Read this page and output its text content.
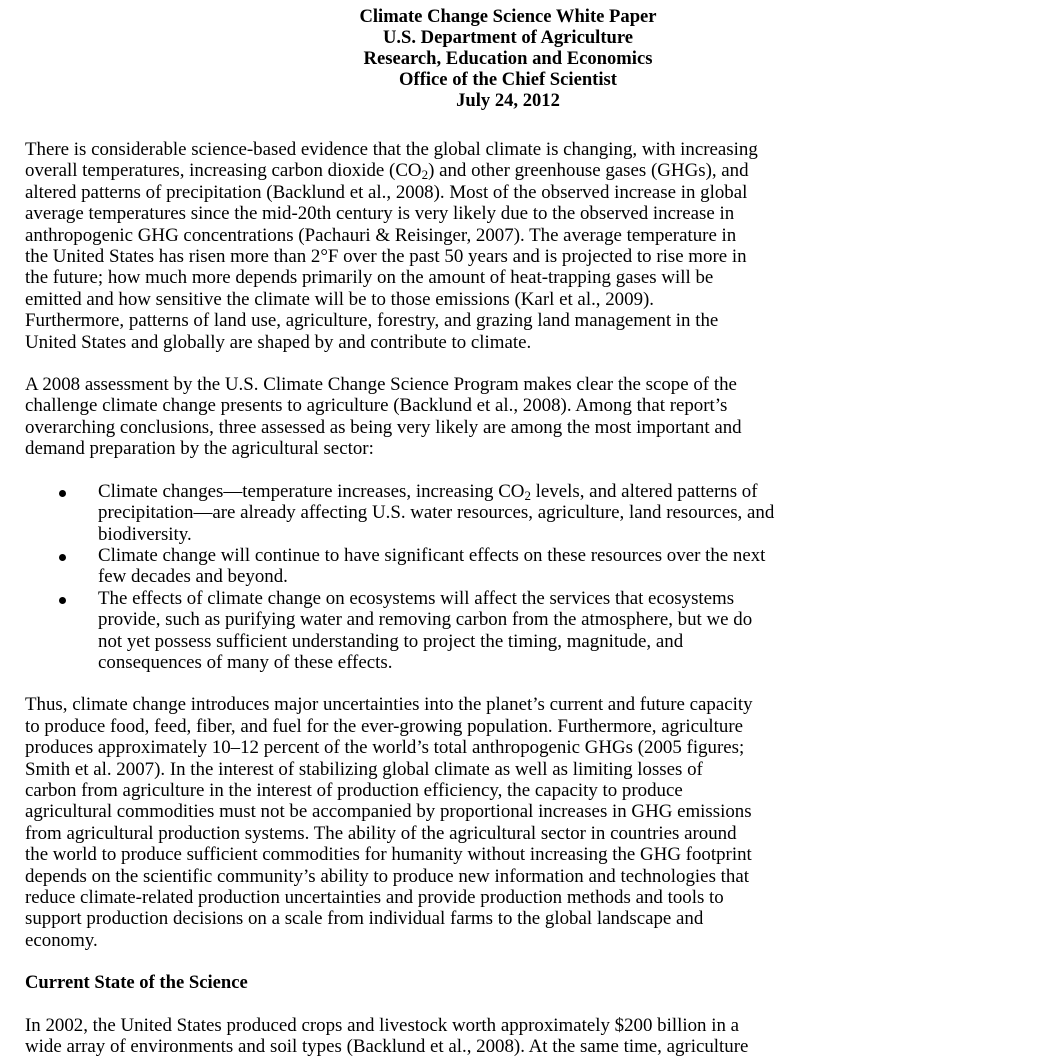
Climate Change Science White Paper
U.S. Department of Agriculture
Research, Education and Economics
Office of the Chief Scientist
July 24, 2012

There is considerable science-based evidence that the global climate is changing, with increasing
overall temperatures, increasing carbon dioxide $(CO_2)$ and other greenhouse gases (GHGs), and
altered patterns of precipitation (Backlund et al., 2008). Most of the observed increase in global
average temperatures since the mid-20th century is very likely due to the observed increase in
anthropogenic GHG concentrations (Pachauri & Reisinger, 2007). The average temperature in
the United States has risen more than 2°F over the past 50 years and is projected to rise more in
the future; how much more depends primarily on the amount of heat-trapping gases will be
emitted and how sensitive the climate will be to those emissions (Karl et al., 2009).
Furthermore, patterns of land use, agriculture, forestry, and grazing land management in the
United States and globally are shaped by and contribute to climate.

A 2008 assessment by the U.S. Climate Change Science Program makes clear the scope of the
challenge climate change presents to agriculture (Backlund et al., 2008). Among that report’s
overarching conclusions, three assessed as being very likely are among the most important and
demand preparation by the agricultural sector:

Climate changes—temperature increases, increasing $CO_2$ levels, and altered patterns of
precipitation—are already affecting U.S. water resources, agriculture, land resources, and
biodiversity.
Climate change will continue to have significant effects on these resources over the next
few decades and beyond.
The effects of climate change on ecosystems will affect the services that ecosystems
provide, such as purifying water and removing carbon from the atmosphere, but we do
not yet possess sufficient understanding to project the timing, magnitude, and
consequences of many of these effects.

Thus, climate change introduces major uncertainties into the planet’s current and future capacity
to produce food, feed, fiber, and fuel for the ever-growing population. Furthermore, agriculture
produces approximately 10–12 percent of the world’s total anthropogenic GHGs (2005 figures;
Smith et al. 2007). In the interest of stabilizing global climate as well as limiting losses of
carbon from agriculture in the interest of production efficiency, the capacity to produce
agricultural commodities must not be accompanied by proportional increases in GHG emissions
from agricultural production systems. The ability of the agricultural sector in countries around
the world to produce sufficient commodities for humanity without increasing the GHG footprint
depends on the scientific community’s ability to produce new information and technologies that
reduce climate-related production uncertainties and provide production methods and tools to
support production decisions on a scale from individual farms to the global landscape and
economy.

Current State of the Science

In 2002, the United States produced crops and livestock worth approximately $200 billion in a
wide array of environments and soil types (Backlund et al., 2008). At the same time, agriculture
